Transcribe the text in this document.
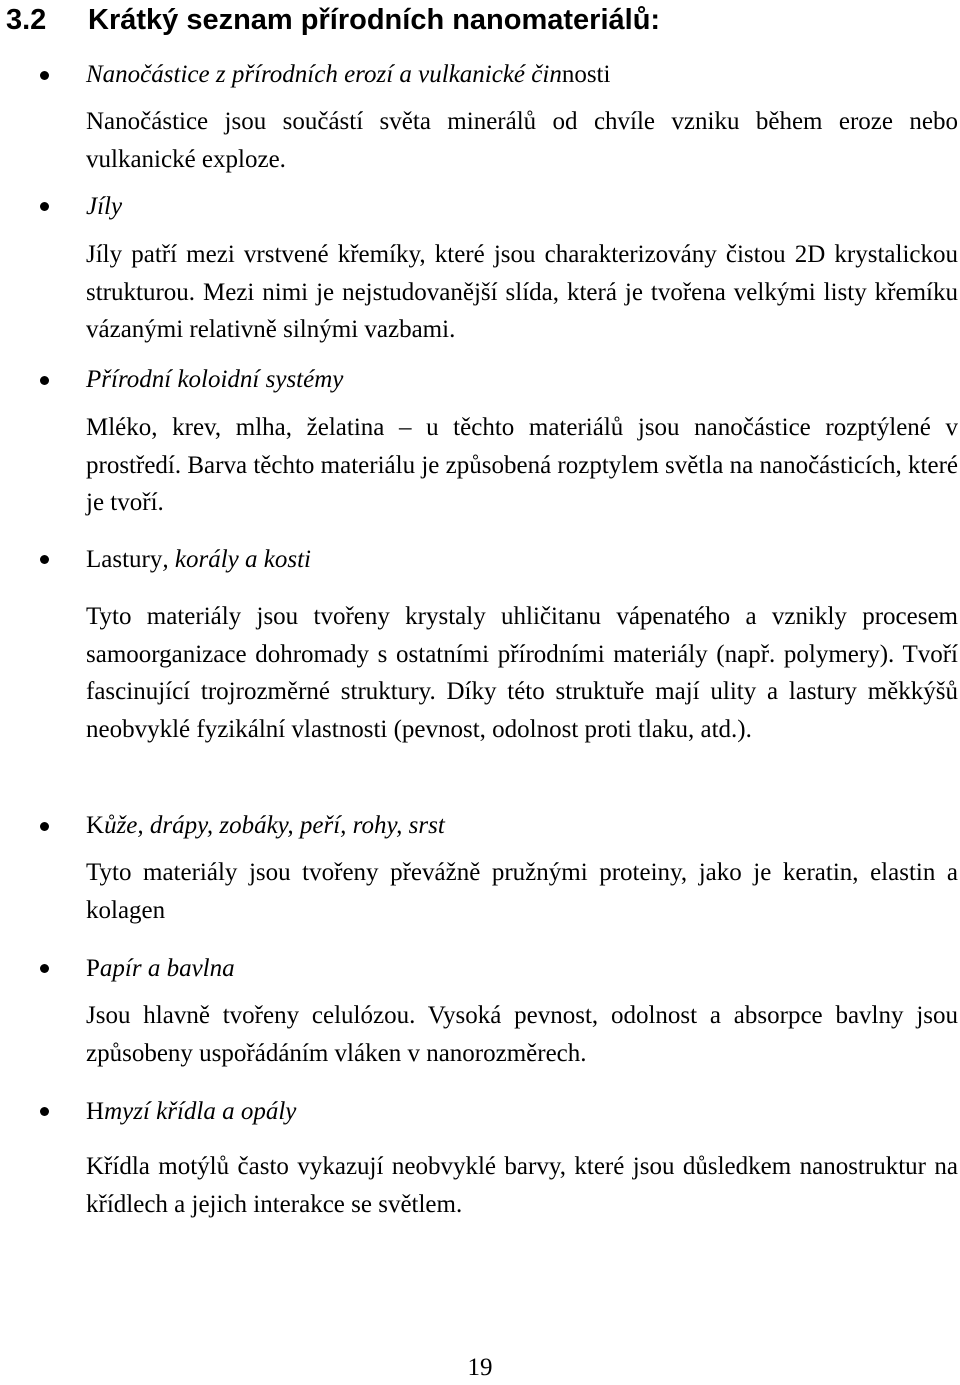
3.2 Krátký seznam přírodních nanomateriálů:

Nanočástice z přírodních erozí a vulkanické činnosti

Nanočástice jsou součástí světa minerálů od chvíle vzniku během eroze nebo vulkanické exploze.

Jíly

Jíly patří mezi vrstvené křemíky, které jsou charakterizovány čistou 2D krystalickou strukturou. Mezi nimi je nejstudovanější slída, která je tvořena velkými listy křemíku vázanými relativně silnými vazbami.

Přírodní koloidní systémy

Mléko, krev, mlha, želatina – u těchto materiálů jsou nanočástice rozptýlené v prostředí. Barva těchto materiálu je způsobená rozptylem světla na nanočásticích, které je tvoří.

Lastury, korály a kosti

Tyto materiály jsou tvořeny krystaly uhličitanu vápenatého a vznikly procesem samoorganizace dohromady s ostatními přírodními materiály (např. polymery). Tvoří fascinující trojrozměrné struktury. Díky této struktuře mají ulity a lastury měkkýšů neobvyklé fyzikální vlastnosti (pevnost, odolnost proti tlaku, atd.).

Kůže, drápy, zobáky, peří, rohy, srst

Tyto materiály jsou tvořeny převážně pružnými proteiny, jako je keratin, elastin a kolagen

Papír a bavlna

Jsou hlavně tvořeny celulózou. Vysoká pevnost, odolnost a absorpce bavlny jsou způsobeny uspořádáním vláken v nanorozměrech.

Hmyzí křídla a opály

Křídla motýlů často vykazují neobvyklé barvy, které jsou důsledkem nanostruktur na křídlech a jejich interakce se světlem.

19
